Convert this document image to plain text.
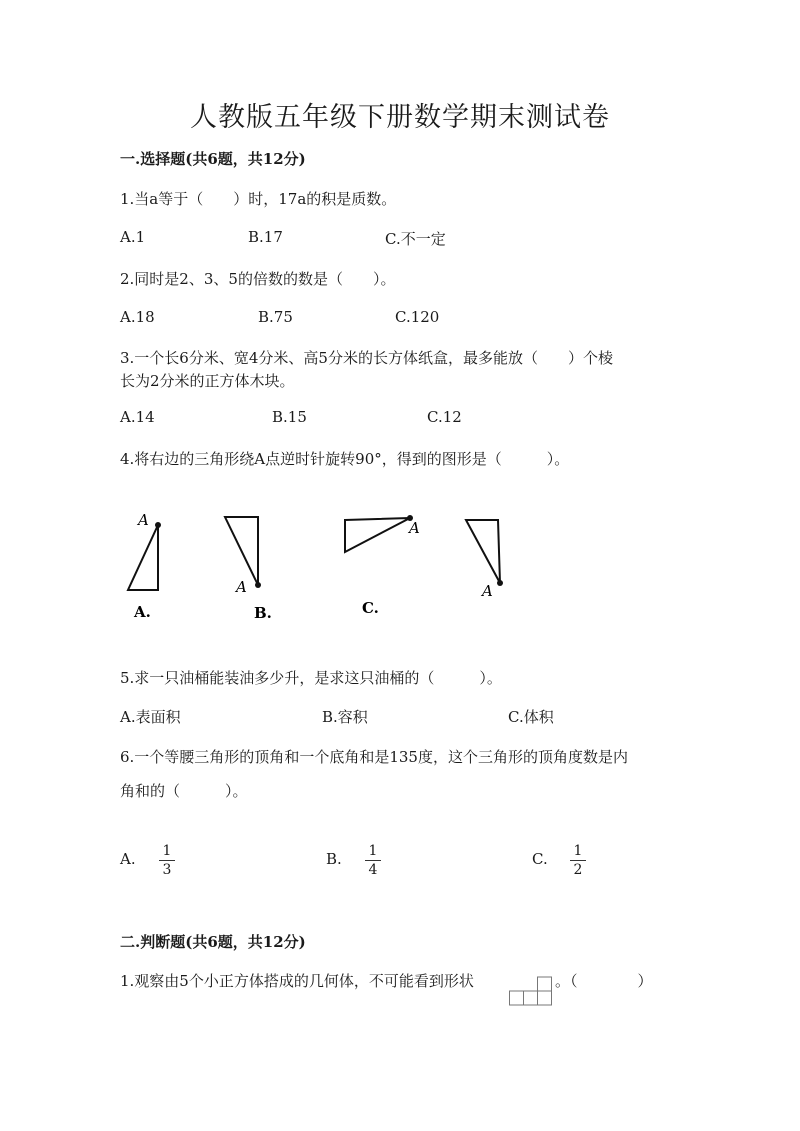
人教版五年级下册数学期末测试卷
一.选择题(共6题，共12分)
1.当a等于（　　）时，17a的积是质数。
A.1	B.17	C.不一定
2.同时是2、3、5的倍数的数是（　　）。
A.18	B.75	C.120
3.一个长6分米、宽4分米、高5分米的长方体纸盒，最多能放（　　）个棱
长为2分米的正方体木块。
A.14	B.15	C.12
4.将右边的三角形绕A点逆时针旋转90°，得到的图形是（　　　）。
A
A.
A
B.
A
C.
A
5.求一只油桶能装油多少升，是求这只油桶的（　　　）。
A.表面积	B.容积	C.体积
6.一个等腰三角形的顶角和一个底角和是135度，这个三角形的顶角度数是内
角和的（　　　）。
A. 1
3
B. 1
4
C. 1
2
二.判断题(共6题，共12分)
1.观察由5个小正方体搭成的几何体，不可能看到形状	。（　　　　）
